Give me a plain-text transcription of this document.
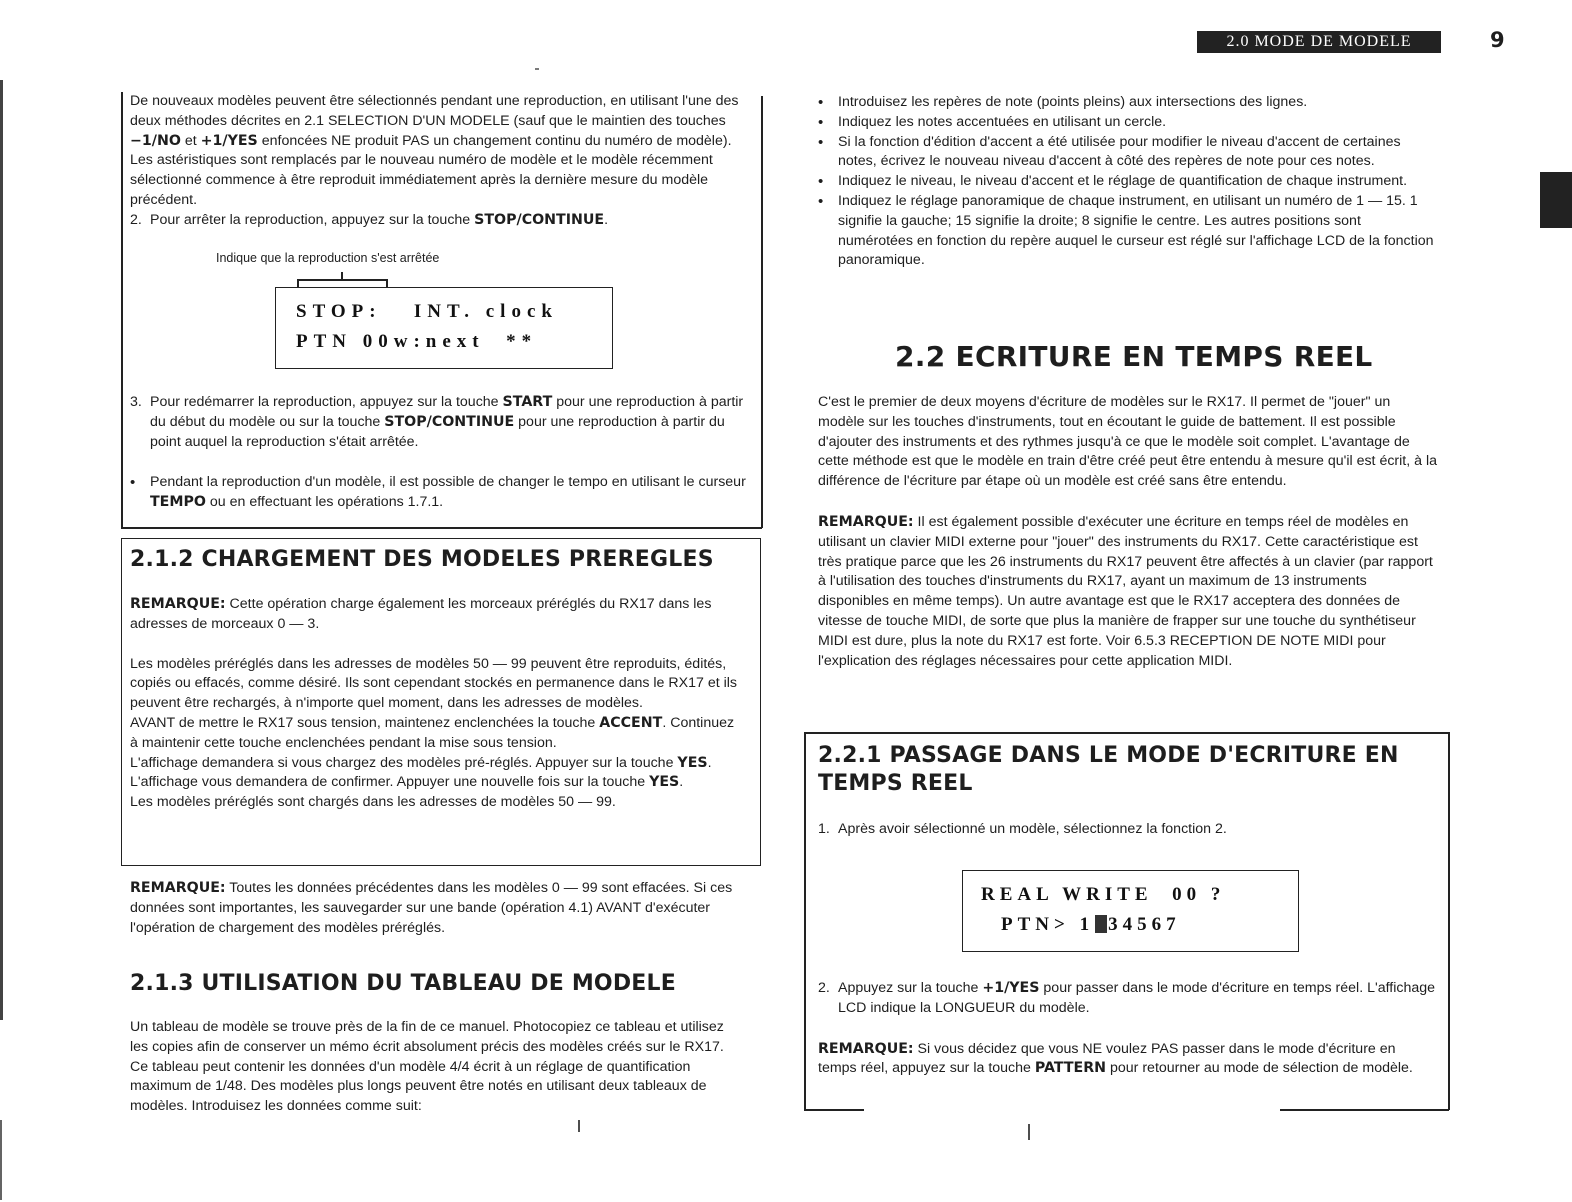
2.0 MODE DE MODELE	9

De nouveaux modèles peuvent être sélectionnés pendant une reproduction, en utilisant l'une des deux méthodes décrites en 2.1 SELECTION D'UN MODELE (sauf que le maintien des touches −1/NO et +1/YES enfoncées NE produit PAS un changement continu du numéro de modèle). Les astéristiques sont remplacés par le nouveau numéro de modèle et le modèle récemment sélectionné commence à être reproduit immédiatement après la dernière mesure du modèle précédent.

2. Pour arrêter la reproduction, appuyez sur la touche STOP/CONTINUE.

Indique que la reproduction s'est arrêtée

STOP:   INT. clock

PTN 00w:next  **

3. Pour redémarrer la reproduction, appuyez sur la touche START pour une reproduction à partir du début du modèle ou sur la touche STOP/CONTINUE pour une reproduction à partir du point auquel la reproduction s'était arrêtée.

• Pendant la reproduction d'un modèle, il est possible de changer le tempo en utilisant le curseur TEMPO ou en effectuant les opérations 1.7.1.

2.1.2 CHARGEMENT DES MODELES PREREGLES

REMARQUE: Cette opération charge également les morceaux préréglés du RX17 dans les adresses de morceaux 0 — 3.

Les modèles préréglés dans les adresses de modèles 50 — 99 peuvent être reproduits, édités, copiés ou effacés, comme désiré. Ils sont cependant stockés en permanence dans le RX17 et ils peuvent être rechargés, à n'importe quel moment, dans les adresses de modèles.

AVANT de mettre le RX17 sous tension, maintenez enclenchées la touche ACCENT. Continuez à maintenir cette touche enclenchées pendant la mise sous tension.

L'affichage demandera si vous chargez des modèles pré-réglés. Appuyer sur la touche YES. L'affichage vous demandera de confirmer. Appuyer une nouvelle fois sur la touche YES.

Les modèles préréglés sont chargés dans les adresses de modèles 50 — 99.

REMARQUE: Toutes les données précédentes dans les modèles 0 — 99 sont effacées. Si ces données sont importantes, les sauvegarder sur une bande (opération 4.1) AVANT d'exécuter l'opération de chargement des modèles préréglés.

2.1.3 UTILISATION DU TABLEAU DE MODELE

Un tableau de modèle se trouve près de la fin de ce manuel. Photocopiez ce tableau et utilisez les copies afin de conserver un mémo écrit absolument précis des modèles créés sur le RX17. Ce tableau peut contenir les données d'un modèle 4/4 écrit à un réglage de quantification maximum de 1/48. Des modèles plus longs peuvent être notés en utilisant deux tableaux de modèles. Introduisez les données comme suit:

• Introduisez les repères de note (points pleins) aux intersections des lignes.

• Indiquez les notes accentuées en utilisant un cercle.

• Si la fonction d'édition d'accent a été utilisée pour modifier le niveau d'accent de certaines notes, écrivez le nouveau niveau d'accent à côté des repères de note pour ces notes.

• Indiquez le niveau, le niveau d'accent et le réglage de quantification de chaque instrument.

• Indiquez le réglage panoramique de chaque instrument, en utilisant un numéro de 1 — 15. 1 signifie la gauche; 15 signifie la droite; 8 signifie le centre. Les autres positions sont numérotées en fonction du repère auquel le curseur est réglé sur l'affichage LCD de la fonction panoramique.

2.2 ECRITURE EN TEMPS REEL

C'est le premier de deux moyens d'écriture de modèles sur le RX17. Il permet de "jouer" un modèle sur les touches d'instruments, tout en écoutant le guide de battement. Il est possible d'ajouter des instruments et des rythmes jusqu'à ce que le modèle soit complet. L'avantage de cette méthode est que le modèle en train d'être créé peut être entendu à mesure qu'il est écrit, à la différence de l'écriture par étape où un modèle est créé sans être entendu.

REMARQUE: Il est également possible d'exécuter une écriture en temps réel de modèles en utilisant un clavier MIDI externe pour "jouer" des instruments du RX17. Cette caractéristique est très pratique parce que les 26 instruments du RX17 peuvent être affectés à un clavier (par rapport à l'utilisation des touches d'instruments du RX17, ayant un maximum de 13 instruments disponibles en même temps). Un autre avantage est que le RX17 acceptera des données de vitesse de touche MIDI, de sorte que plus la manière de frapper sur une touche du synthétiseur MIDI est dure, plus la note du RX17 est forte. Voir 6.5.3 RECEPTION DE NOTE MIDI pour l'explication des réglages nécessaires pour cette application MIDI.

2.2.1 PASSAGE DANS LE MODE D'ECRITURE EN TEMPS REEL

1. Après avoir sélectionné un modèle, sélectionnez la fonction 2.

REAL WRITE  00 ?

PTN> 1 34567

2. Appuyez sur la touche +1/YES pour passer dans le mode d'écriture en temps réel. L'affichage LCD indique la LONGUEUR du modèle.

REMARQUE: Si vous décidez que vous NE voulez PAS passer dans le mode d'écriture en temps réel, appuyez sur la touche PATTERN pour retourner au mode de sélection de modèle.
